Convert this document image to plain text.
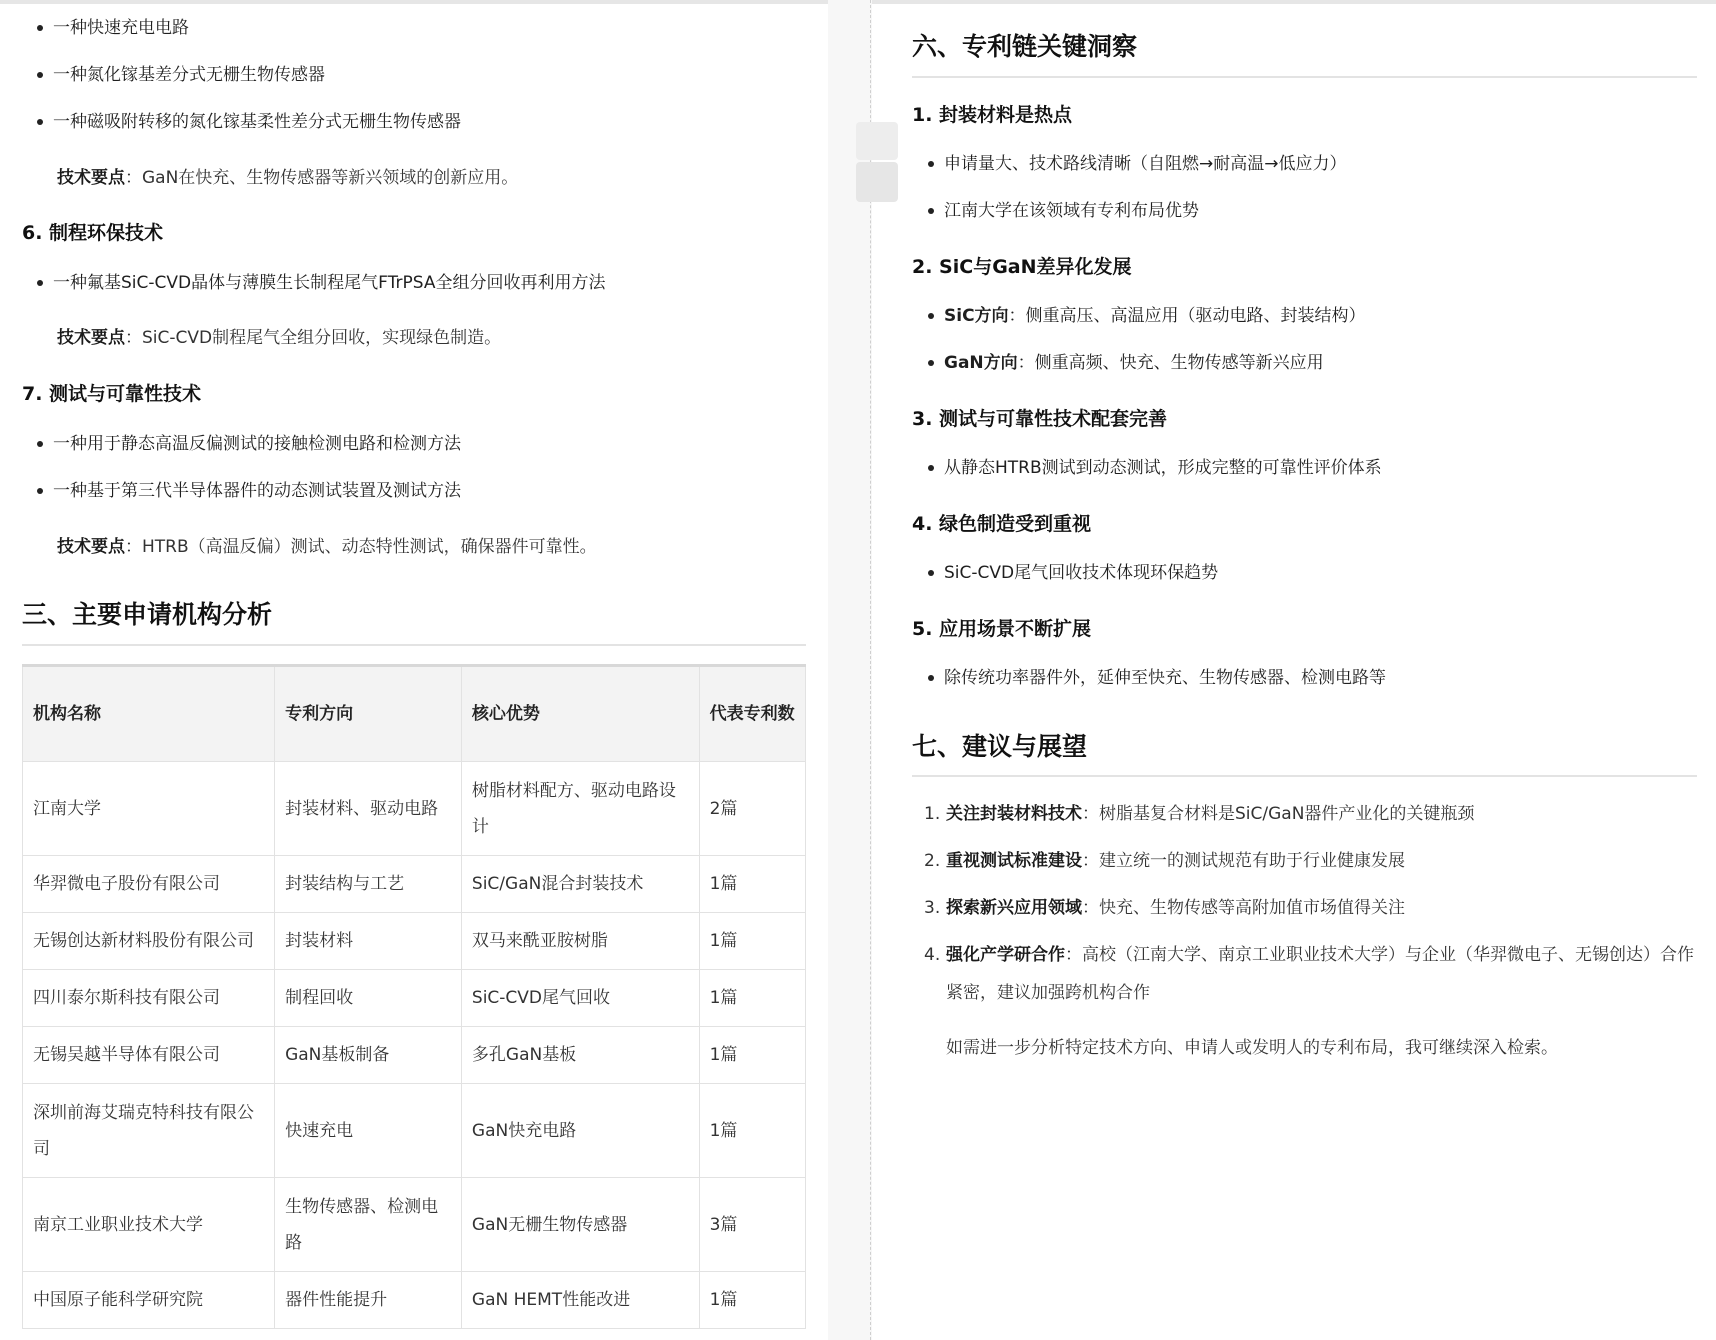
一种快速充电电路
一种氮化镓基差分式无栅生物传感器
一种磁吸附转移的氮化镓基柔性差分式无栅生物传感器
技术要点：GaN在快充、生物传感器等新兴领域的创新应用。
6. 制程环保技术
一种氟基SiC-CVD晶体与薄膜生长制程尾气FTrPSA全组分回收再利用方法
技术要点：SiC-CVD制程尾气全组分回收，实现绿色制造。
7. 测试与可靠性技术
一种用于静态高温反偏测试的接触检测电路和检测方法
一种基于第三代半导体器件的动态测试装置及测试方法
技术要点：HTRB（高温反偏）测试、动态特性测试，确保器件可靠性。
三、主要申请机构分析
机构名称	专利方向	核心优势	代表专利数
江南大学	封装材料、驱动电路	树脂材料配方、驱动电路设计	2篇
华羿微电子股份有限公司	封装结构与工艺	SiC/GaN混合封装技术	1篇
无锡创达新材料股份有限公司	封装材料	双马来酰亚胺树脂	1篇
四川泰尔斯科技有限公司	制程回收	SiC-CVD尾气回收	1篇
无锡吴越半导体有限公司	GaN基板制备	多孔GaN基板	1篇
深圳前海艾瑞克特科技有限公司	快速充电	GaN快充电路	1篇
南京工业职业技术大学	生物传感器、检测电路	GaN无栅生物传感器	3篇
中国原子能科学研究院	器件性能提升	GaN HEMT性能改进	1篇
六、专利链关键洞察
1. 封装材料是热点
申请量大、技术路线清晰（自阻燃→耐高温→低应力）
江南大学在该领域有专利布局优势
2. SiC与GaN差异化发展
SiC方向：侧重高压、高温应用（驱动电路、封装结构）
GaN方向：侧重高频、快充、生物传感等新兴应用
3. 测试与可靠性技术配套完善
从静态HTRB测试到动态测试，形成完整的可靠性评价体系
4. 绿色制造受到重视
SiC-CVD尾气回收技术体现环保趋势
5. 应用场景不断扩展
除传统功率器件外，延伸至快充、生物传感器、检测电路等
七、建议与展望
1. 关注封装材料技术：树脂基复合材料是SiC/GaN器件产业化的关键瓶颈
2. 重视测试标准建设：建立统一的测试规范有助于行业健康发展
3. 探索新兴应用领域：快充、生物传感等高附加值市场值得关注
4. 强化产学研合作：高校（江南大学、南京工业职业技术大学）与企业（华羿微电子、无锡创达）合作紧密，建议加强跨机构合作
如需进一步分析特定技术方向、申请人或发明人的专利布局，我可继续深入检索。
